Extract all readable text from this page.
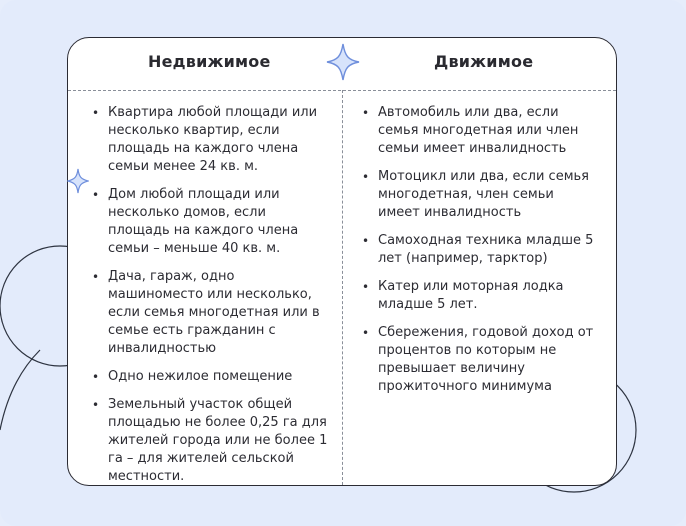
Недвижимое	Движимое
• Квартира любой площади или несколько квартир, если площадь на каждого члена семьи менее 24 кв. м.
• Дом любой площади или несколько домов, если площадь на каждого члена семьи – меньше 40 кв. м.
• Дача, гараж, одно машиноместо или несколько, если семья многодетная или в семье есть гражданин с инвалидностью
• Одно нежилое помещение
• Земельный участок общей площадью не более 0,25 га для жителей города или не более 1 га – для жителей сельской местности.
• Автомобиль или два, если семья многодетная или член семьи имеет инвалидность
• Мотоцикл или два, если семья многодетная, член семьи имеет инвалидность
• Самоходная техника младше 5 лет (например, тарктор)
• Катер или моторная лодка младше 5 лет.
• Сбережения, годовой доход от процентов по которым не превышает величину прожиточного минимума
